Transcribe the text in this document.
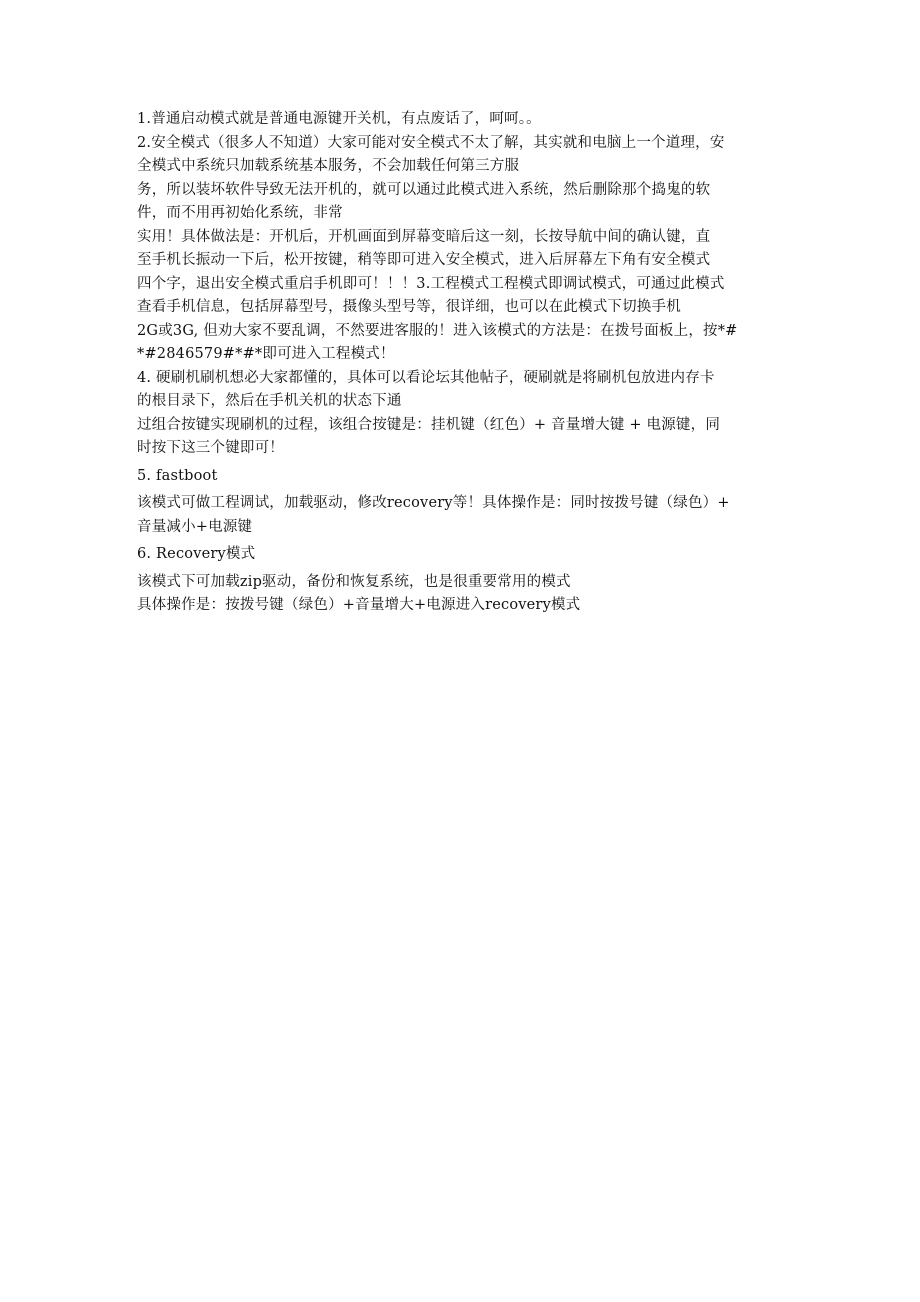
1.普通启动模式就是普通电源键开关机，有点废话了，呵呵。。
2.安全模式（很多人不知道）大家可能对安全模式不太了解，其实就和电脑上一个道理，安
全模式中系统只加载系统基本服务，不会加载任何第三方服
务，所以装坏软件导致无法开机的，就可以通过此模式进入系统，然后删除那个捣鬼的软
件，而不用再初始化系统，非常
实用！具体做法是：开机后，开机画面到屏幕变暗后这一刻，长按导航中间的确认键，直
至手机长振动一下后，松开按键，稍等即可进入安全模式，进入后屏幕左下角有安全模式
四个字，退出安全模式重启手机即可！！！3.工程模式工程模式即调试模式，可通过此模式
查看手机信息，包括屏幕型号，摄像头型号等，很详细，也可以在此模式下切换手机
2G或3G, 但劝大家不要乱调，不然要进客服的！进入该模式的方法是：在拨号面板上，按*#
*#2846579#*#*即可进入工程模式！
4. 硬刷机刷机想必大家都懂的，具体可以看论坛其他帖子，硬刷就是将刷机包放进内存卡
的根目录下，然后在手机关机的状态下通
过组合按键实现刷机的过程，该组合按键是：挂机键（红色）+ 音量增大键 + 电源键，同
时按下这三个键即可！
5. fastboot
该模式可做工程调试，加载驱动，修改recovery等！具体操作是：同时按拨号键（绿色）+
音量减小+电源键
6. Recovery模式
该模式下可加载zip驱动，备份和恢复系统，也是很重要常用的模式
具体操作是：按拨号键（绿色）+音量增大+电源进入recovery模式
